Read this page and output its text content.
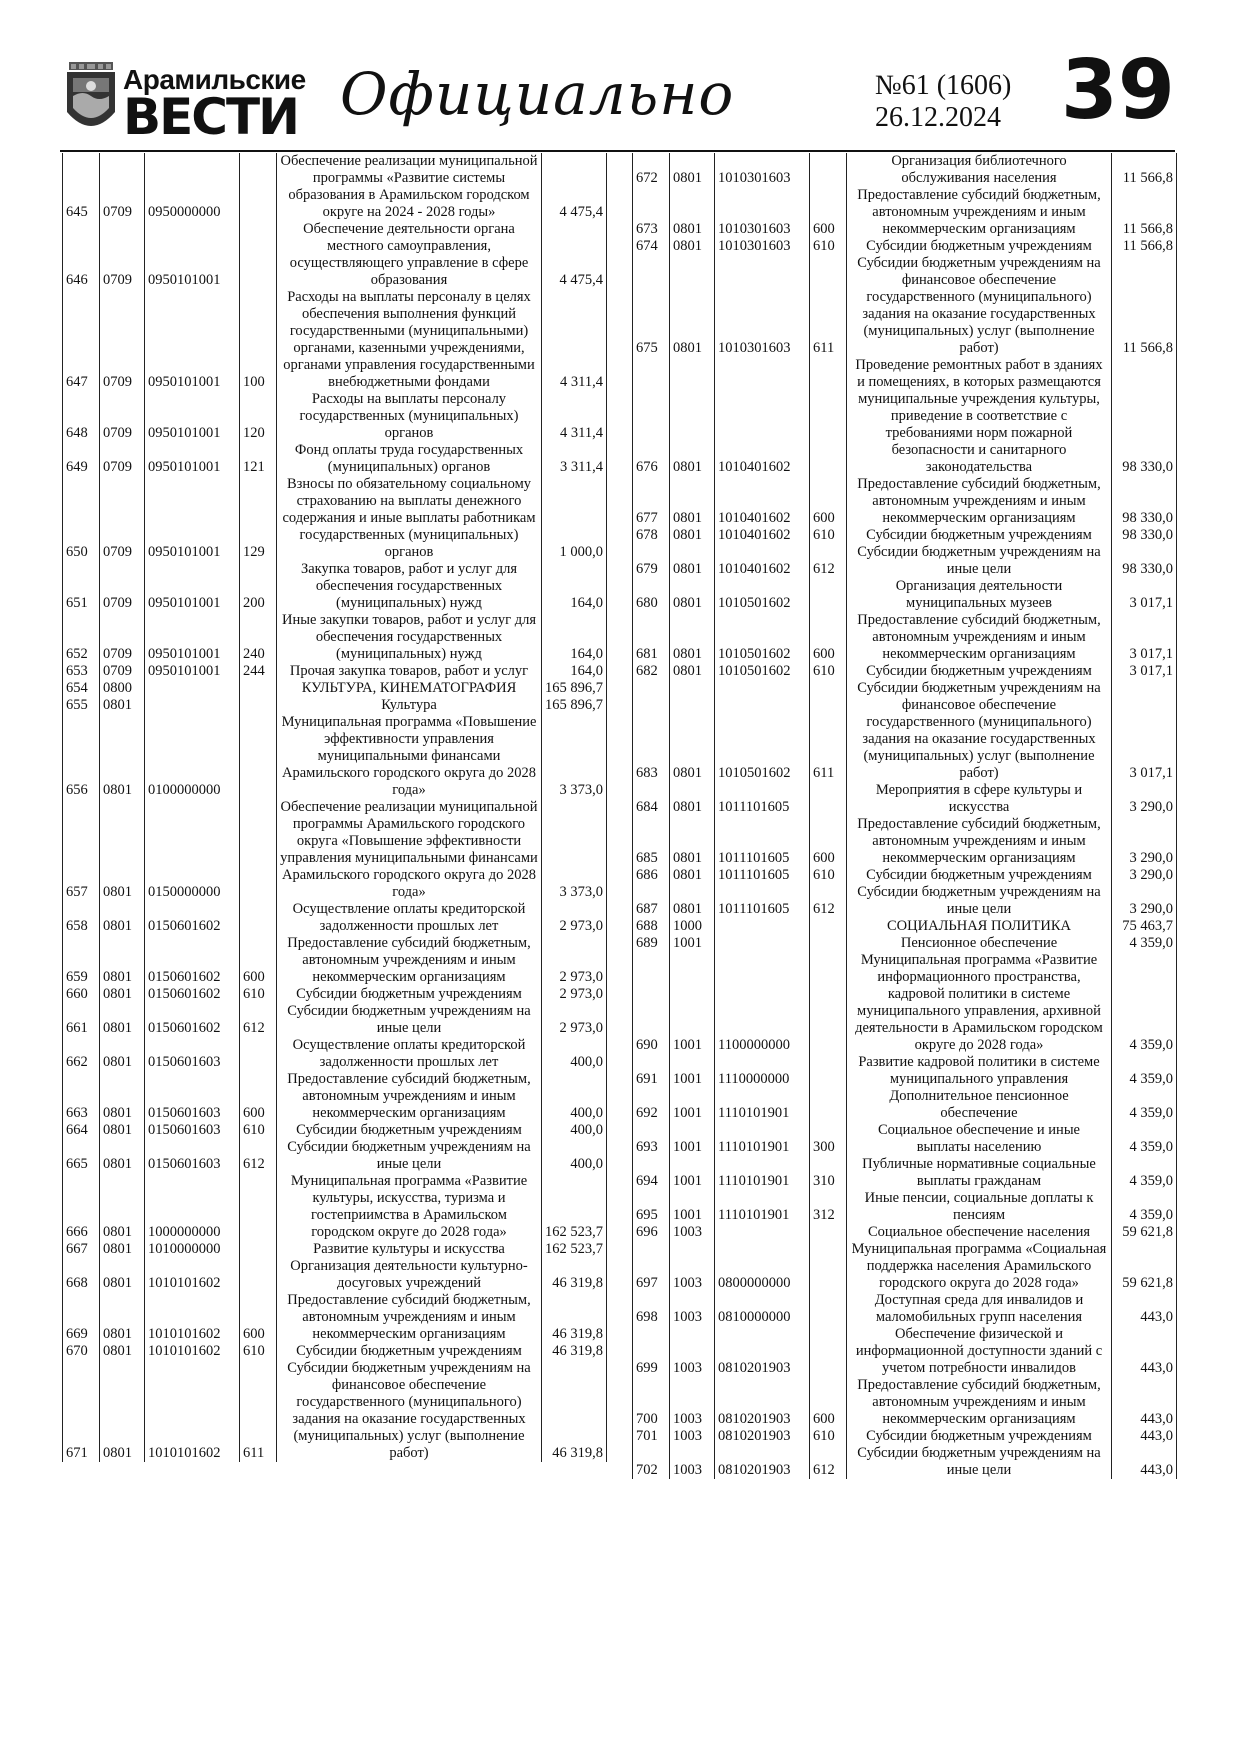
Арамильские
ВЕСТИ Официально	№61 (1606)
26.12.2024 39
645	0709	0950000000		Обеспечение реализации муниципальной программы «Развитие системы образования в Арамильском городском округе на 2024 - 2028 годы»	4 475,4
646	0709	0950101001		Обеспечение деятельности органа местного самоуправления, осуществляющего управление в сфере образования	4 475,4
647	0709	0950101001	100	Расходы на выплаты персоналу в целях обеспечения выполнения функций государственными (муниципальными) органами, казенными учреждениями, органами управления государственными внебюджетными фондами	4 311,4
648	0709	0950101001	120	Расходы на выплаты персоналу государственных (муниципальных) органов	4 311,4
649	0709	0950101001	121	Фонд оплаты труда государственных (муниципальных) органов	3 311,4
650	0709	0950101001	129	Взносы по обязательному социальному страхованию на выплаты денежного содержания и иные выплаты работникам государственных (муниципальных) органов	1 000,0
651	0709	0950101001	200	Закупка товаров, работ и услуг для обеспечения государственных (муниципальных) нужд	164,0
652	0709	0950101001	240	Иные закупки товаров, работ и услуг для обеспечения государственных (муниципальных) нужд	164,0
653	0709	0950101001	244	Прочая закупка товаров, работ и услуг	164,0
654	0800			КУЛЬТУРА, КИНЕМАТОГРАФИЯ	165 896,7
655	0801			Культура	165 896,7
656	0801	0100000000		Муниципальная программа «Повышение эффективности управления муниципальными финансами Арамильского городского округа до 2028 года»	3 373,0
657	0801	0150000000		Обеспечение реализации муниципальной программы Арамильского городского округа «Повышение эффективности управления муниципальными финансами Арамильского городского округа до 2028 года»	3 373,0
658	0801	0150601602		Осуществление оплаты кредиторской задолженности прошлых лет	2 973,0
659	0801	0150601602	600	Предоставление субсидий бюджетным, автономным учреждениям и иным некоммерческим организациям	2 973,0
660	0801	0150601602	610	Субсидии бюджетным учреждениям	2 973,0
661	0801	0150601602	612	Субсидии бюджетным учреждениям на иные цели	2 973,0
662	0801	0150601603		Осуществление оплаты кредиторской задолженности прошлых лет	400,0
663	0801	0150601603	600	Предоставление субсидий бюджетным, автономным учреждениям и иным некоммерческим организациям	400,0
664	0801	0150601603	610	Субсидии бюджетным учреждениям	400,0
665	0801	0150601603	612	Субсидии бюджетным учреждениям на иные цели	400,0
666	0801	1000000000		Муниципальная программа «Развитие культуры, искусства, туризма и гостеприимства в Арамильском городском округе до 2028 года»	162 523,7
667	0801	1010000000		Развитие культуры и искусства	162 523,7
668	0801	1010101602		Организация деятельности культурно-досуговых учреждений	46 319,8
669	0801	1010101602	600	Предоставление субсидий бюджетным, автономным учреждениям и иным некоммерческим организациям	46 319,8
670	0801	1010101602	610	Субсидии бюджетным учреждениям	46 319,8
671	0801	1010101602	611	Субсидии бюджетным учреждениям на финансовое обеспечение государственного (муниципального) задания на оказание государственных (муниципальных) услуг (выполнение работ)	46 319,8
672	0801	1010301603		Организация библиотечного обслуживания населения	11 566,8
673	0801	1010301603	600	Предоставление субсидий бюджетным, автономным учреждениям и иным некоммерческим организациям	11 566,8
674	0801	1010301603	610	Субсидии бюджетным учреждениям	11 566,8
675	0801	1010301603	611	Субсидии бюджетным учреждениям на финансовое обеспечение государственного (муниципального) задания на оказание государственных (муниципальных) услуг (выполнение работ)	11 566,8
676	0801	1010401602		Проведение ремонтных работ в зданиях и помещениях, в которых размещаются муниципальные учреждения культуры, приведение в соответствие с требованиями норм пожарной безопасности и санитарного законодательства	98 330,0
677	0801	1010401602	600	Предоставление субсидий бюджетным, автономным учреждениям и иным некоммерческим организациям	98 330,0
678	0801	1010401602	610	Субсидии бюджетным учреждениям	98 330,0
679	0801	1010401602	612	Субсидии бюджетным учреждениям на иные цели	98 330,0
680	0801	1010501602		Организация деятельности муниципальных музеев	3 017,1
681	0801	1010501602	600	Предоставление субсидий бюджетным, автономным учреждениям и иным некоммерческим организациям	3 017,1
682	0801	1010501602	610	Субсидии бюджетным учреждениям	3 017,1
683	0801	1010501602	611	Субсидии бюджетным учреждениям на финансовое обеспечение государственного (муниципального) задания на оказание государственных (муниципальных) услуг (выполнение работ)	3 017,1
684	0801	1011101605		Мероприятия в сфере культуры и искусства	3 290,0
685	0801	1011101605	600	Предоставление субсидий бюджетным, автономным учреждениям и иным некоммерческим организациям	3 290,0
686	0801	1011101605	610	Субсидии бюджетным учреждениям	3 290,0
687	0801	1011101605	612	Субсидии бюджетным учреждениям на иные цели	3 290,0
688	1000			СОЦИАЛЬНАЯ ПОЛИТИКА	75 463,7
689	1001			Пенсионное обеспечение	4 359,0
690	1001	1100000000		Муниципальная программа «Развитие информационного пространства, кадровой политики в системе муниципального управления, архивной деятельности в Арамильском городском округе до 2028 года»	4 359,0
691	1001	1110000000		Развитие кадровой политики в системе муниципального управления	4 359,0
692	1001	1110101901		Дополнительное пенсионное обеспечение	4 359,0
693	1001	1110101901	300	Социальное обеспечение и иные выплаты населению	4 359,0
694	1001	1110101901	310	Публичные нормативные социальные выплаты гражданам	4 359,0
695	1001	1110101901	312	Иные пенсии, социальные доплаты к пенсиям	4 359,0
696	1003			Социальное обеспечение населения	59 621,8
697	1003	0800000000		Муниципальная программа «Социальная поддержка населения Арамильского городского округа до 2028 года»	59 621,8
698	1003	0810000000		Доступная среда для инвалидов и маломобильных групп населения	443,0
699	1003	0810201903		Обеспечение физической и информационной доступности зданий с учетом потребности инвалидов	443,0
700	1003	0810201903	600	Предоставление субсидий бюджетным, автономным учреждениям и иным некоммерческим организациям	443,0
701	1003	0810201903	610	Субсидии бюджетным учреждениям	443,0
702	1003	0810201903	612	Субсидии бюджетным учреждениям на иные цели	443,0
